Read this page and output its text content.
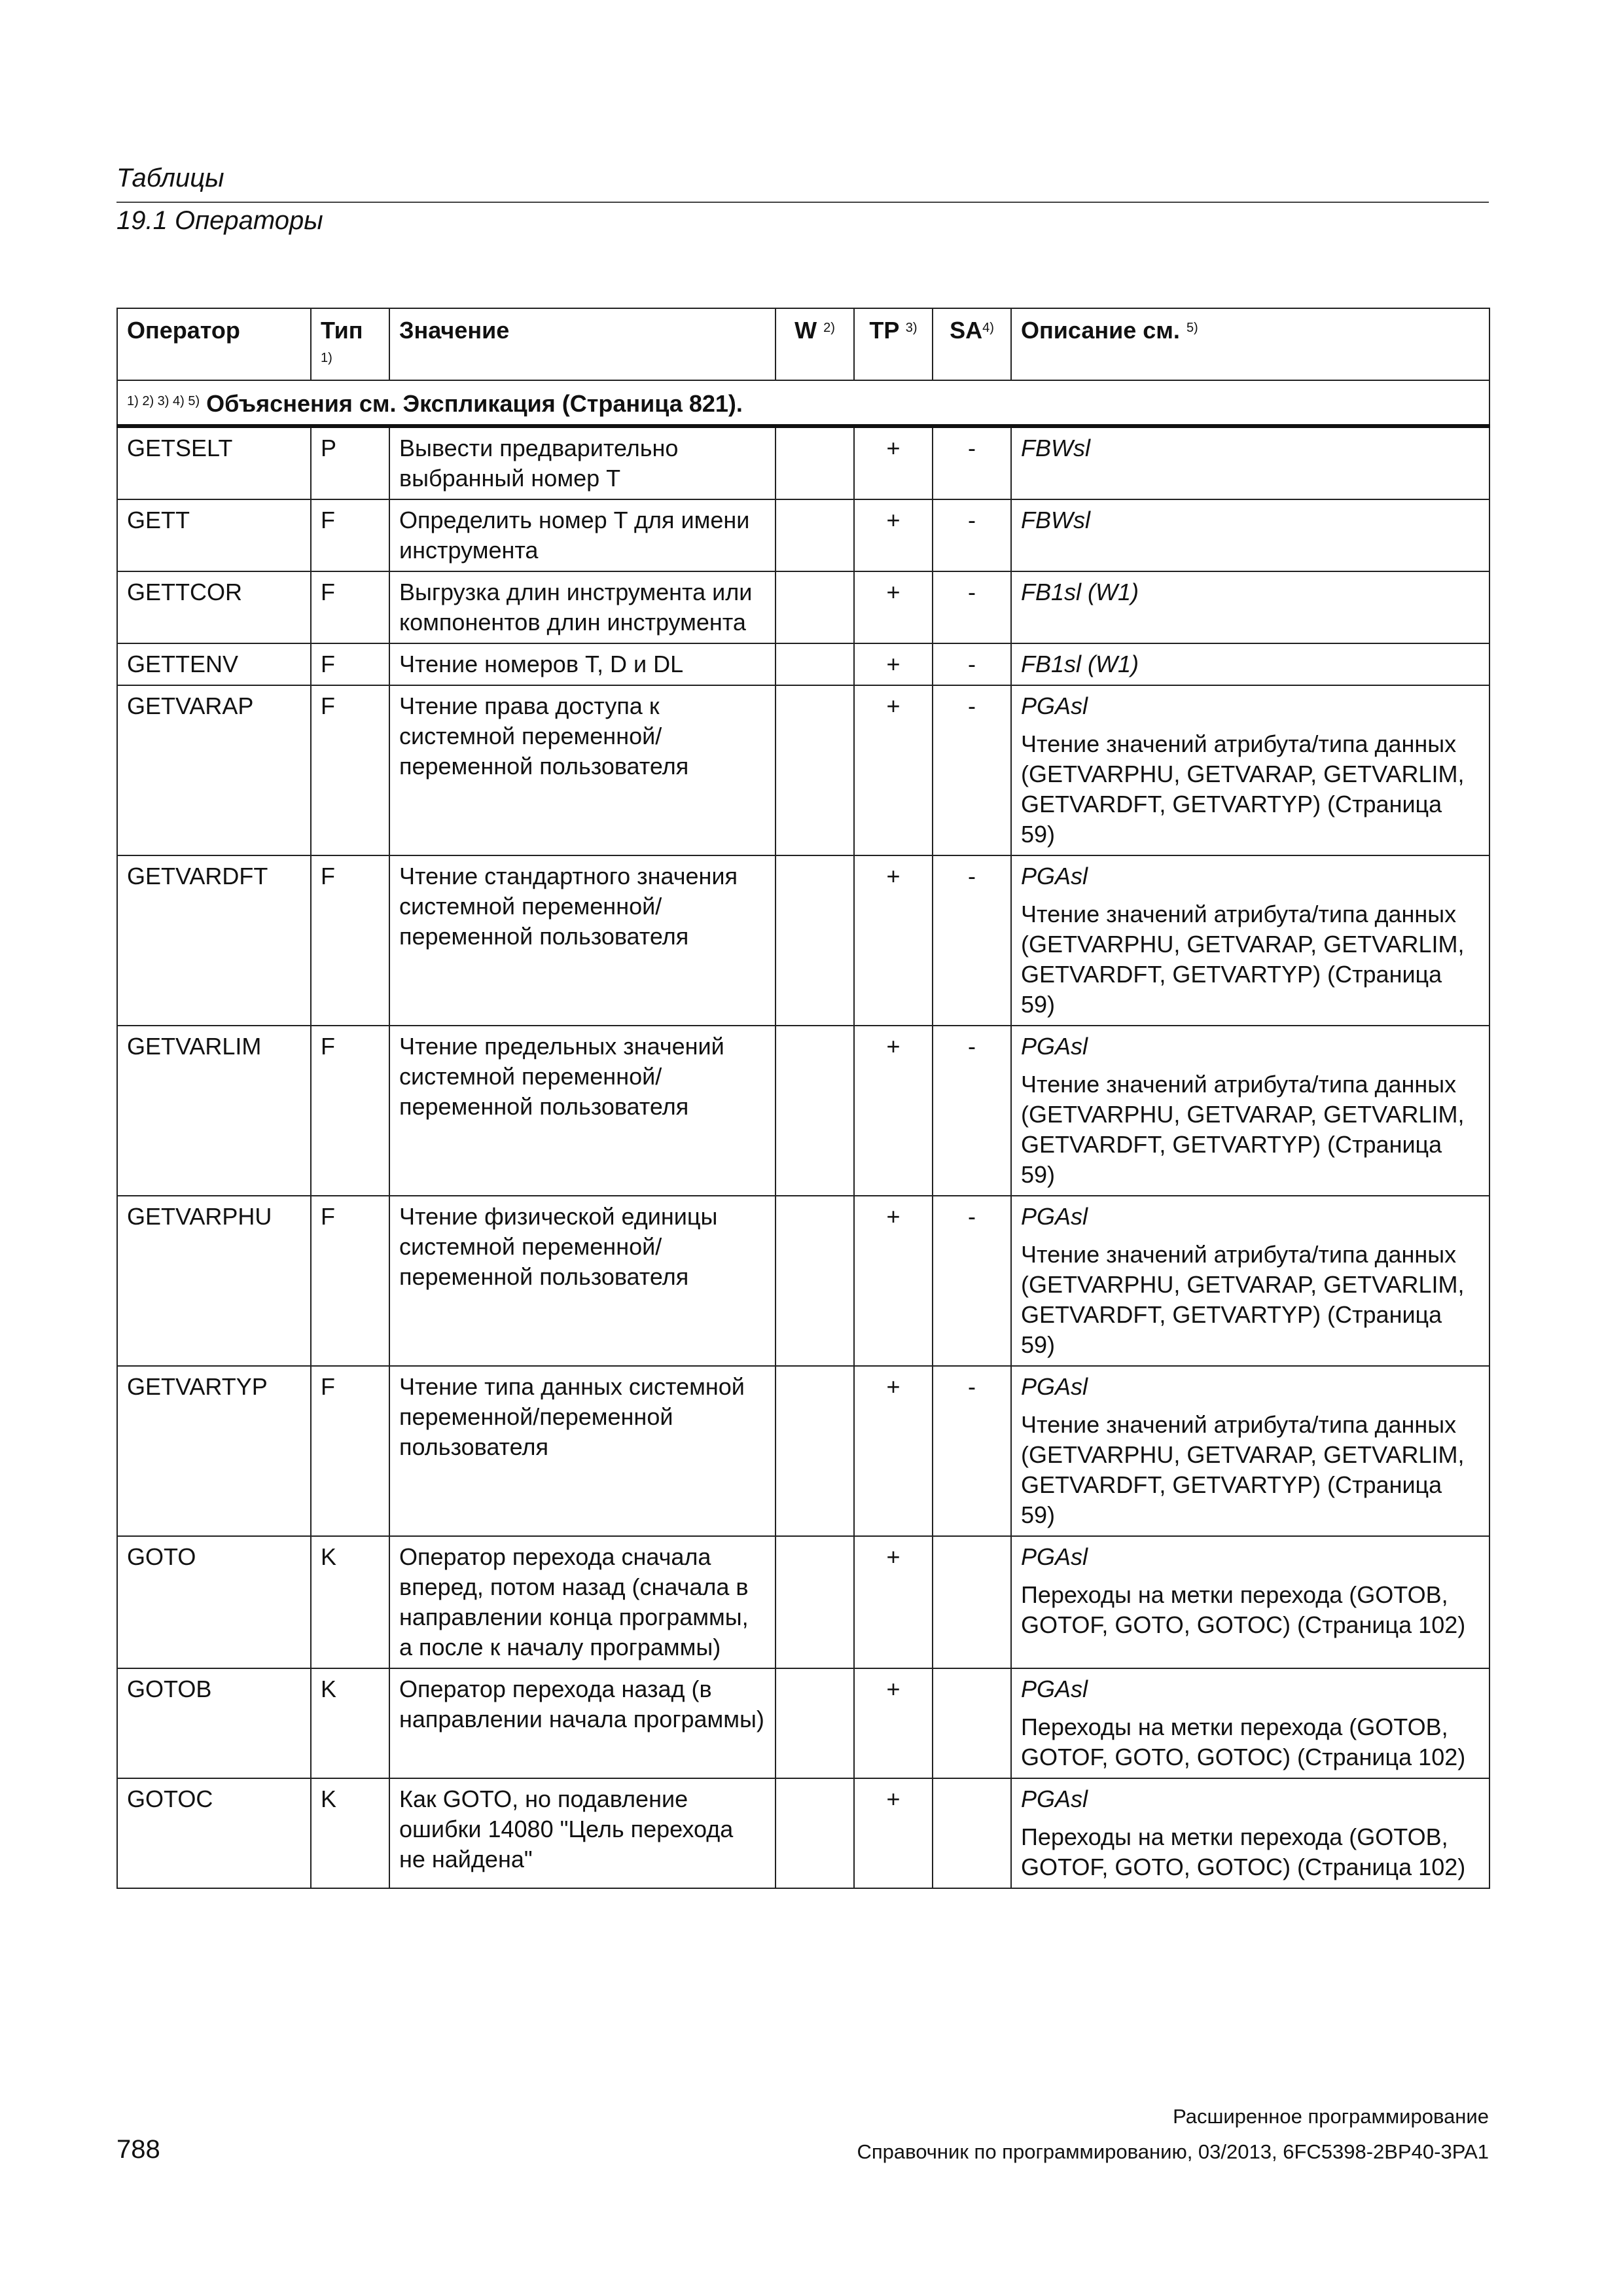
Таблицы
19.1 Операторы
Оператор	Тип $^{1)}$	Значение	W $^{2)}$	TP $^{3)}$	SA$^{4)}$	Описание см. $^{5)}$
$^{1) 2) 3) 4) 5)}$ Объяснения см. Экспликация (Страница 821).						
GETSELT	P	Вывести предварительно выбранный номер T		+	-	FBWsl

GETT	F	Определить номер T для имени инструмента		+	-	FBWsl

GETTCOR	F	Выгрузка длин инструмента или компонентов длин инструмента		+	-	FB1sl (W1)

GETTENV	F	Чтение номеров T, D и DL		+	-	FB1sl (W1)

GETVARAP	F	Чтение права доступа к системной переменной/переменной пользователя		+	-	PGAsl
Чтение значений атрибута/типа данных (GETVARPHU, GETVARAP, GETVARLIM, GETVARDFT, GETVARTYP) (Страница 59)

GETVARDFT	F	Чтение стандартного значения системной переменной/переменной пользователя		+	-	PGAsl
Чтение значений атрибута/типа данных (GETVARPHU, GETVARAP, GETVARLIM, GETVARDFT, GETVARTYP) (Страница 59)

GETVARLIM	F	Чтение предельных значений системной переменной/переменной пользователя		+	-	PGAsl
Чтение значений атрибута/типа данных (GETVARPHU, GETVARAP, GETVARLIM, GETVARDFT, GETVARTYP) (Страница 59)

GETVARPHU	F	Чтение физической единицы системной переменной/переменной пользователя		+	-	PGAsl
Чтение значений атрибута/типа данных (GETVARPHU, GETVARAP, GETVARLIM, GETVARDFT, GETVARTYP) (Страница 59)

GETVARTYP	F	Чтение типа данных системной переменной/переменной пользователя		+	-	PGAsl
Чтение значений атрибута/типа данных (GETVARPHU, GETVARAP, GETVARLIM, GETVARDFT, GETVARTYP) (Страница 59)

GOTO	K	Оператор перехода сначала вперед, потом назад (сначала в направлении конца программы, а после к началу программы)		+		PGAsl
Переходы на метки перехода (GOTOB, GOTOF, GOTO, GOTOC) (Страница 102)

GOTOB	K	Оператор перехода назад (в направлении начала программы)		+		PGAsl
Переходы на метки перехода (GOTOB, GOTOF, GOTO, GOTOC) (Страница 102)

GOTOC	K	Как GOTO, но подавление ошибки 14080 "Цель перехода не найдена"		+		PGAsl
Переходы на метки перехода (GOTOB, GOTOF, GOTO, GOTOC) (Страница 102)
Расширенное программирование
788	Справочник по программированию, 03/2013, 6FC5398-2BP40-3PA1
